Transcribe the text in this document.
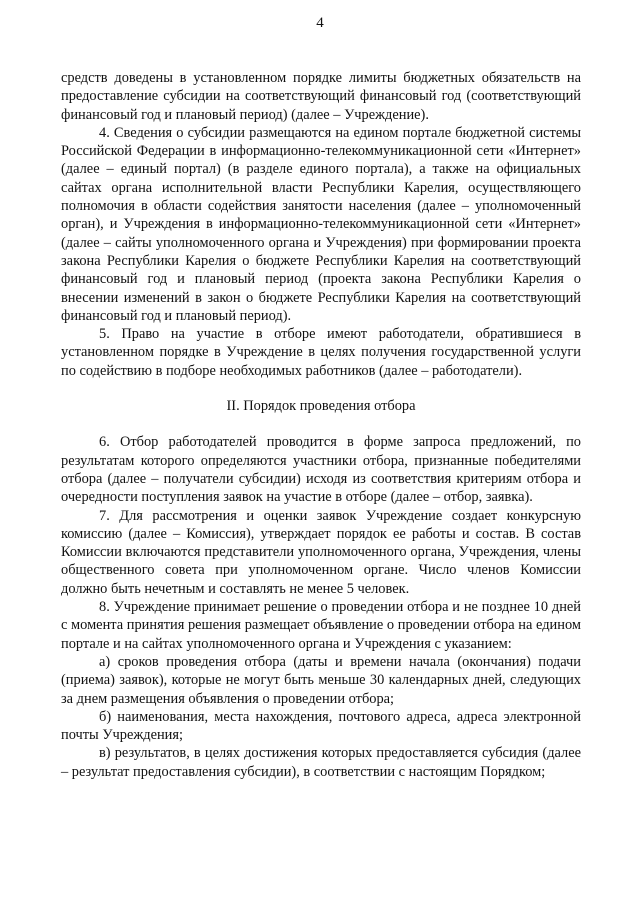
4

средств доведены в установленном порядке лимиты бюджетных обязательств на предоставление субсидии на соответствующий финансовый год (соответствующий финансовый год и плановый период) (далее – Учреждение).

4. Сведения о субсидии размещаются на едином портале бюджетной системы Российской Федерации в информационно-телекоммуникационной сети «Интернет» (далее – единый портал) (в разделе единого портала), а также на официальных сайтах органа исполнительной власти Республики Карелия, осуществляющего полномочия в области содействия занятости населения (далее – уполномоченный орган), и Учреждения в информационно-телекоммуникационной сети «Интернет» (далее – сайты уполномоченного органа и Учреждения) при формировании проекта закона Республики Карелия о бюджете Республики Карелия на соответствующий финансовый год и плановый период (проекта закона Республики Карелия о внесении изменений в закон о бюджете Республики Карелия на соответствующий финансовый год и плановый период).

5. Право на участие в отборе имеют работодатели, обратившиеся в установленном порядке в Учреждение в целях получения государственной услуги по содействию в подборе необходимых работников (далее – работодатели).

II. Порядок проведения отбора

6. Отбор работодателей проводится в форме запроса предложений, по результатам которого определяются участники отбора, признанные победителями отбора (далее – получатели субсидии) исходя из соответствия критериям отбора и очередности поступления заявок на участие в отборе (далее – отбор, заявка).

7. Для рассмотрения и оценки заявок Учреждение создает конкурсную комиссию (далее – Комиссия), утверждает порядок ее работы и состав. В состав Комиссии включаются представители уполномоченного органа, Учреждения, члены общественного совета при уполномоченном органе. Число членов Комиссии должно быть нечетным и составлять не менее 5 человек.

8. Учреждение принимает решение о проведении отбора и не позднее 10 дней с момента принятия решения размещает объявление о проведении отбора на едином портале и на сайтах уполномоченного органа и Учреждения с указанием:

а) сроков проведения отбора (даты и времени начала (окончания) подачи (приема) заявок), которые не могут быть меньше 30 календарных дней, следующих за днем размещения объявления о проведении отбора;

б) наименования, места нахождения, почтового адреса, адреса электронной почты Учреждения;

в) результатов, в целях достижения которых предоставляется субсидия (далее – результат предоставления субсидии), в соответствии с настоящим Порядком;
